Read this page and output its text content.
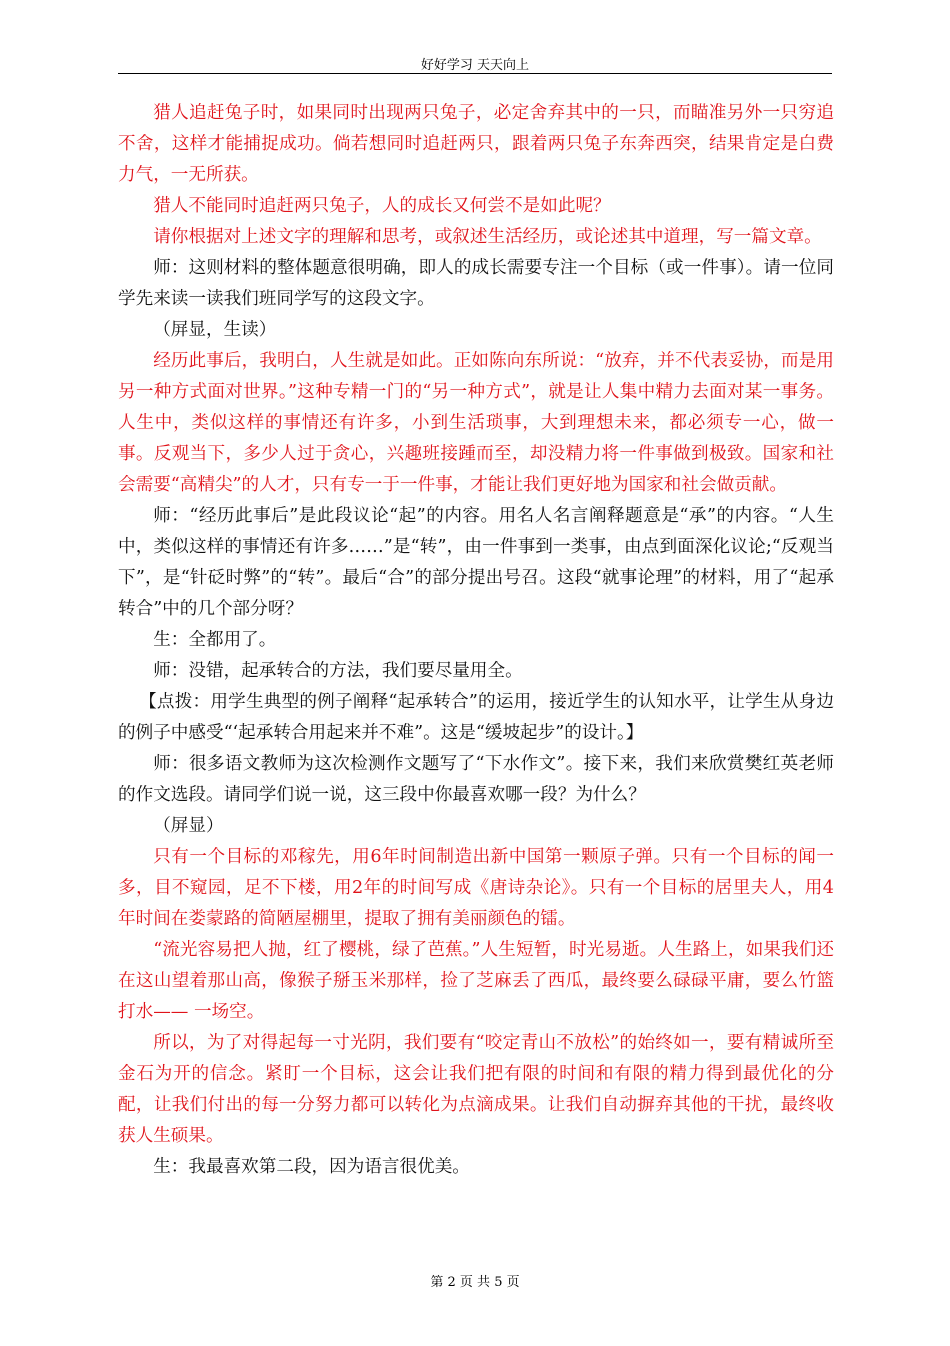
好好学习 天天向上

猎人追赶兔子时，如果同时出现两只兔子，必定舍弃其中的一只，而瞄准另外一只穷追不舍，这样才能捕捉成功。倘若想同时追赶两只，跟着两只兔子东奔西突，结果肯定是白费力气，一无所获。

猎人不能同时追赶两只兔子，人的成长又何尝不是如此呢？

请你根据对上述文字的理解和思考，或叙述生活经历，或论述其中道理，写一篇文章。

师：这则材料的整体题意很明确，即人的成长需要专注一个目标（或一件事）。请一位同学先来读一读我们班同学写的这段文字。

（屏显，生读）

经历此事后，我明白，人生就是如此。正如陈向东所说：“放弃，并不代表妥协，而是用另一种方式面对世界。”这种专精一门的“另一种方式”，就是让人集中精力去面对某一事务。人生中，类似这样的事情还有许多，小到生活琐事，大到理想未来，都必须专一心，做一事。反观当下，多少人过于贪心，兴趣班接踵而至，却没精力将一件事做到极致。国家和社会需要“高精尖”的人才，只有专一于一件事，才能让我们更好地为国家和社会做贡献。

师：“经历此事后”是此段议论“起”的内容。用名人名言阐释题意是“承”的内容。“人生中，类似这样的事情还有许多……”是“转”，由一件事到一类事，由点到面深化议论;“反观当下”，是“针砭时弊”的“转”。最后“合”的部分提出号召。这段“就事论理”的材料，用了“起承转合”中的几个部分呀？

生：全都用了。

师：没错，起承转合的方法，我们要尽量用全。

【点拨：用学生典型的例子阐释“起承转合”的运用，接近学生的认知水平，让学生从身边的例子中感受“‘起承转合用起来并不难”。这是“缓坡起步”的设计。】

师：很多语文教师为这次检测作文题写了“下水作文”。接下来，我们来欣赏樊红英老师的作文选段。请同学们说一说，这三段中你最喜欢哪一段？为什么？

（屏显）

只有一个目标的邓稼先，用6年时间制造出新中国第一颗原子弹。只有一个目标的闻一多，目不窥园，足不下楼，用2年的时间写成《唐诗杂论》。只有一个目标的居里夫人，用4年时间在娄蒙路的简陋屋棚里，提取了拥有美丽颜色的镭。

“流光容易把人抛，红了樱桃，绿了芭蕉。”人生短暂，时光易逝。人生路上，如果我们还在这山望着那山高，像猴子掰玉米那样，捡了芝麻丢了西瓜，最终要么碌碌平庸，要么竹篮打水—— 一场空。

所以，为了对得起每一寸光阴，我们要有“咬定青山不放松”的始终如一，要有精诚所至金石为开的信念。紧盯一个目标，这会让我们把有限的时间和有限的精力得到最优化的分配，让我们付出的每一分努力都可以转化为点滴成果。让我们自动摒弃其他的干扰，最终收获人生硕果。

生：我最喜欢第二段，因为语言很优美。

第 2 页 共 5 页
